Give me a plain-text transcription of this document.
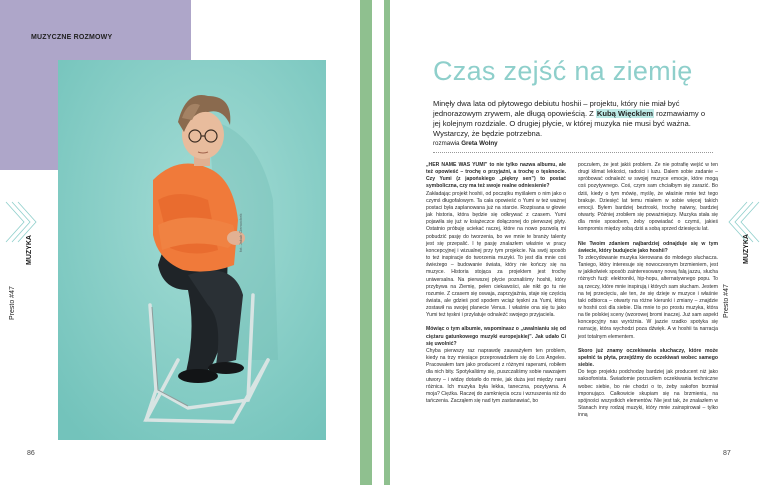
MUZYCZNE ROZMOWY
fot. Jakub Ciemochek
Presto #47
MUZYKA
86
Czas zejść na ziemię
Minęły dwa lata od płytowego debiutu hoshii – projektu, który nie miał być jednorazowym zrywem, ale długą opowieścią. Z Kubą Więcklem rozmawiamy o jej kolejnym rozdziale. O drugiej płycie, w której muzyka nie musi być ważna. Wystarczy, że będzie potrzebna.
rozmawia Greta Wolny

„HER NAME WAS YUMI” to nie tylko nazwa albumu, ale też opowieść – trochę o przyjaźni, a trochę o tęsknocie. Czy Yumi (z japońskiego „piękny sen”) to postać symboliczna, czy ma też swoje realne odniesienie?
Zakładając projekt hoshii, od początku myślałem o nim jako o czymś długofalowym. Ta cała opowieść o Yumi w też ważnej postaci była zaplanowana już na starcie. Rozpisana w głowie jak historia, która będzie się odkrywać z czasem. Yumi pojawiła się już w książeczce dołączonej do pierwszej płyty. Ostatnio próbuję uciekać raczej, które na nowo pozwolą mi pobudzić pasję do tworzenia, bo we mnie te branży talenty jest się przepalić. I tę pasję znalazłem właśnie w pracy koncepcyjnej i wizualnej przy tym projekcie. Na swój sposób to też inspiracje do tworzenia muzyki. To jest dla mnie coś świeżego – budowanie świata, który nie kończy się na muzyce. Historia stojąca za projektem jest trochę uniwersalna. Na pierwszej płycie poznaliśmy hoshii, który przybywa na Ziemię, pełen ciekawości, ale nikt go tu nie rozumie. Z czasem się oswaja, zaprzyjaźnia, staje się częścią świata, ale gdzieś pod spodem wciąż tęskni za Yumi, którą zostawił na swojej planecie Venus. I właśnie ona się tu jako Yumi też tęskni i przylatuje odnaleźć swojego przyjaciela.

Mówiąc o tym albumie, wspominasz o „uwalnianiu się od ciężaru gatunkowego muzyki europejskiej”. Jak udało Ci się uwolnić?
Chyba pierwszy raz naprawdę zauważyłem ten problem, kiedy na trzy miesiące przeprowadziłem się do Los Angeles. Pracowałem tam jako producent z różnymi raperami, robiłem dla nich bity. Spotykaliśmy się, puszczaliśmy sobie nawzajem utwory – i widzę dotarło do mnie, jak duża jest między nami różnica. Ich muzyka była lekka, taneczna, pozytywna. A moja? Ciężka. Raczej do zamknięcia oczu i wzruszenia niż do tańczenia. Zacząłem się nad tym zastanawiać, bo

poczułem, że jest jakiś problem. Ze nie potrafię wejść w ten drugi klimat lekkości, radości i luzu. Dalem sobie zadanie – spróbować odnaleźć w swojej muzyce emocje, które mogą coś pozytywnego. Coś, czym sam chciałbym się zarazić. Bo dziś, kiedy o tym mówię, myślę, że właśnie mnie też tego brakuje. Dziesięć lat temu miałem w sobie więcej takich emocji. Byłem bardziej beztroski, trochę naiwny, bardziej otwarty. Później zrobiłem się poważniejszy. Muzyka stała się dla mnie sposobem, żeby opowiadać o czymś, jakieś kompromis między sobą dziś a sobą sprzed dziesięciu lat.

Nie Twoim zdaniem najbardziej odnajduje się w tym świecie, który budujecie jako hoshii?
To zdecydowanie muzyka kierowana do młodego słuchacza. Taniego, który interesuje się nowoczesnym brzmieniem, jest w jakikolwiek sposób zainteresowany nową falą jazzu, słucha różnych fuzji: elektroniki, hip-hopu, alternatywnego popu. To są rzeczy, które mnie inspirują i których sam słucham. Jestem na tej przecięciu, ale ten, że się dzieje w muzyce i właśnie taki odbiorca – otwarty na różne kierunki i zmiany – znajdzie w hoshii coś dla siebie. Dla mnie to po prostu muzyka, która na tle polskiej sceny (wzorowej bromi inaczej. Już sam aspekt koncepcyjny nas wyróżnia. W jazzie rzadko spotyka się narrację, która wychodzi poza dźwięk. A w hoshii ta narracja jest totalnym elementem.

Skoro już znamy oczekiwania słuchaczy, które może spełnić ta płyta, przejdźmy do oczekiwań wobec samego siebie.
Do tego projektu podchodzę bardziej jak producent niż jako saksofonista. Świadomie porzuciłem oczekiwania techniczne wobec siebie, bo nie chodzi o to, żeby sakofon brzmiał imponująco. Całkowicie skupiam się na brzmieniu, na spójności wszystkich elementów. Nie jest tak, że znalazłem w Stanach inny rodzaj muzyki, który mnie zainspirował – tylko inną

Presto #47
MUZYKA
87
